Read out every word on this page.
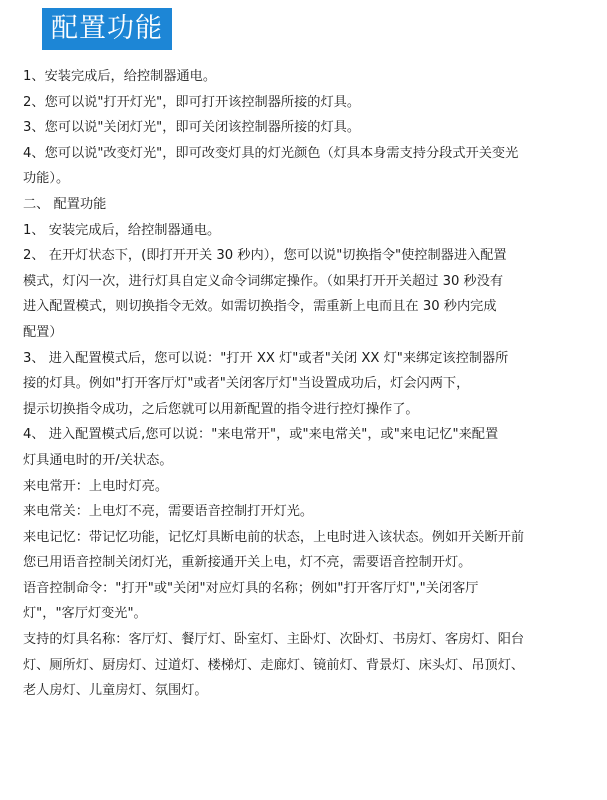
配置功能
1、安装完成后，给控制器通电。
2、您可以说"打开灯光"，即可打开该控制器所接的灯具。
3、您可以说"关闭灯光"，即可关闭该控制器所接的灯具。
4、您可以说"改变灯光"，即可改变灯具的灯光颜色（灯具本身需支持分段式开关变光
功能）。
二、 配置功能
1、 安装完成后，给控制器通电。
2、 在开灯状态下，(即打开开关 30 秒内），您可以说"切换指令"使控制器进入配置
模式，灯闪一次，进行灯具自定义命令词绑定操作。（如果打开开关超过 30 秒没有
进入配置模式，则切换指令无效。如需切换指令，需重新上电而且在 30 秒内完成
配置）
3、 进入配置模式后，您可以说："打开 XX 灯"或者"关闭 XX 灯"来绑定该控制器所
接的灯具。例如"打开客厅灯"或者"关闭客厅灯"当设置成功后，灯会闪两下，
提示切换指令成功，之后您就可以用新配置的指令进行控灯操作了。
4、 进入配置模式后,您可以说："来电常开"，或"来电常关"，或"来电记忆"来配置
灯具通电时的开/关状态。
来电常开：上电时灯亮。
来电常关：上电灯不亮，需要语音控制打开灯光。
来电记忆：带记忆功能，记忆灯具断电前的状态，上电时进入该状态。例如开关断开前
您已用语音控制关闭灯光，重新接通开关上电，灯不亮，需要语音控制开灯。
语音控制命令："打开"或"关闭"对应灯具的名称；例如"打开客厅灯","关闭客厅
灯"，"客厅灯变光"。
支持的灯具名称：客厅灯、餐厅灯、卧室灯、主卧灯、次卧灯、书房灯、客房灯、阳台
灯、厕所灯、厨房灯、过道灯、楼梯灯、走廊灯、镜前灯、背景灯、床头灯、吊顶灯、
老人房灯、儿童房灯、氛围灯。
